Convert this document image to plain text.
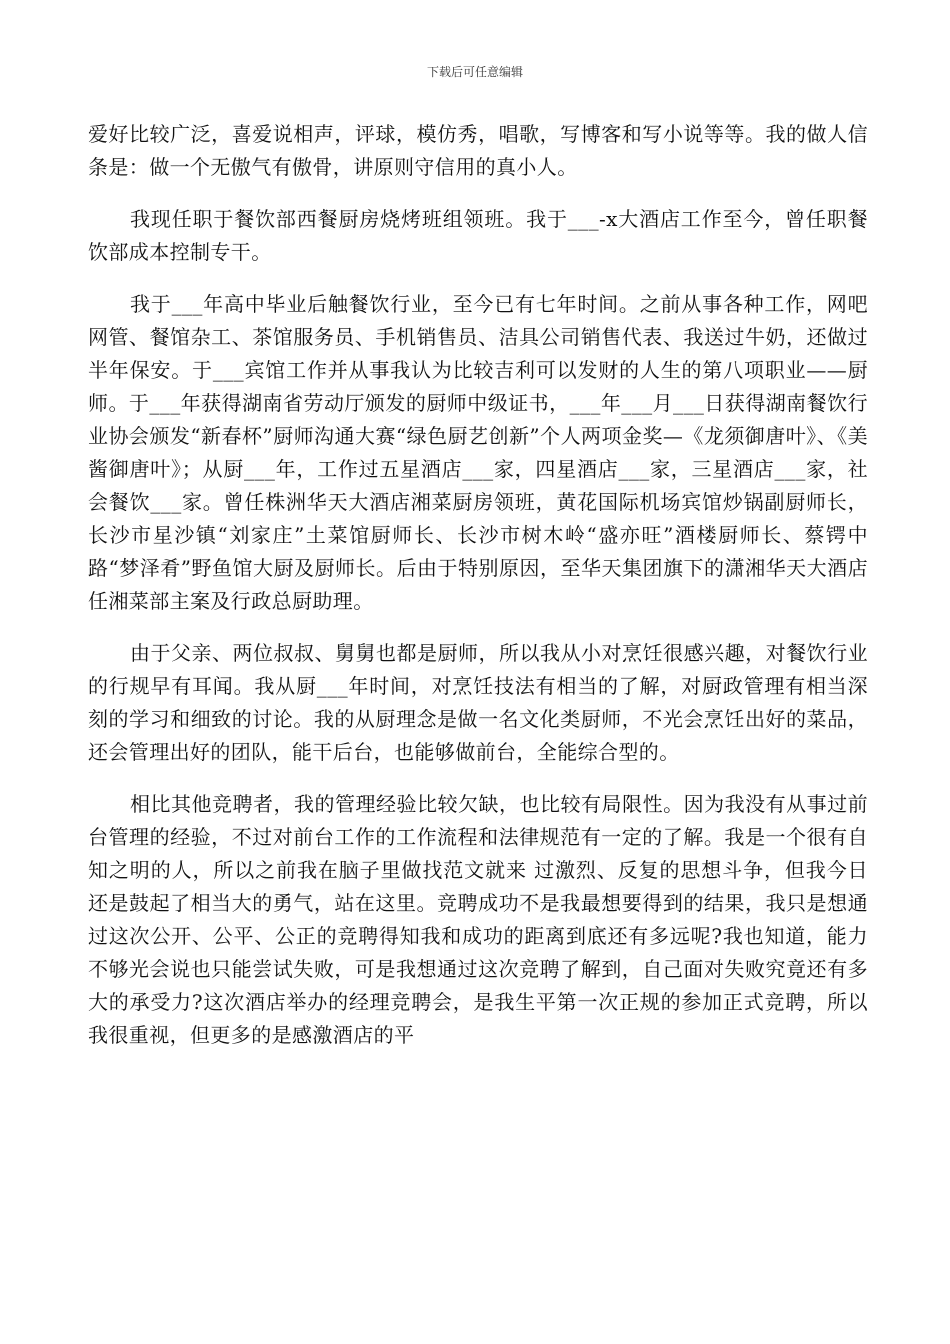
下载后可任意编辑

爱好比较广泛，喜爱说相声，评球，模仿秀，唱歌，写博客和写小说等等。我的做人信条是：做一个无傲气有傲骨，讲原则守信用的真小人。

我现任职于餐饮部西餐厨房烧烤班组领班。我于___-x大酒店工作至今，曾任职餐饮部成本控制专干。

我于___年高中毕业后触餐饮行业，至今已有七年时间。之前从事各种工作，网吧网管、餐馆杂工、茶馆服务员、手机销售员、洁具公司销售代表、我送过牛奶，还做过半年保安。于___宾馆工作并从事我认为比较吉利可以发财的人生的第八项职业——厨师。于___年获得湖南省劳动厅颁发的厨师中级证书，___年___月___日获得湖南餐饮行业协会颁发“新春杯”厨师沟通大赛“绿色厨艺创新”个人两项金奖—《龙须御唐叶》、《美酱御唐叶》；从厨___年，工作过五星酒店___家，四星酒店___家，三星酒店___家，社会餐饮___家。曾任株洲华天大酒店湘菜厨房领班，黄花国际机场宾馆炒锅副厨师长，长沙市星沙镇“刘家庄”土菜馆厨师长、长沙市树木岭“盛亦旺”酒楼厨师长、蔡锷中路“梦泽肴”野鱼馆大厨及厨师长。后由于特别原因，至华天集团旗下的潇湘华天大酒店任湘菜部主案及行政总厨助理。

由于父亲、两位叔叔、舅舅也都是厨师，所以我从小对烹饪很感兴趣，对餐饮行业的行规早有耳闻。我从厨___年时间，对烹饪技法有相当的了解，对厨政管理有相当深刻的学习和细致的讨论。我的从厨理念是做一名文化类厨师，不光会烹饪出好的菜品，还会管理出好的团队，能干后台，也能够做前台，全能综合型的。

相比其他竞聘者，我的管理经验比较欠缺，也比较有局限性。因为我没有从事过前台管理的经验，不过对前台工作的工作流程和法律规范有一定的了解。我是一个很有自知之明的人，所以之前我在脑子里做找范文就来 过激烈、反复的思想斗争，但我今日还是鼓起了相当大的勇气，站在这里。竞聘成功不是我最想要得到的结果，我只是想通过这次公开、公平、公正的竞聘得知我和成功的距离到底还有多远呢?我也知道，能力不够光会说也只能尝试失败，可是我想通过这次竞聘了解到，自己面对失败究竟还有多大的承受力?这次酒店举办的经理竞聘会，是我生平第一次正规的参加正式竞聘，所以我很重视，但更多的是感激酒店的平
